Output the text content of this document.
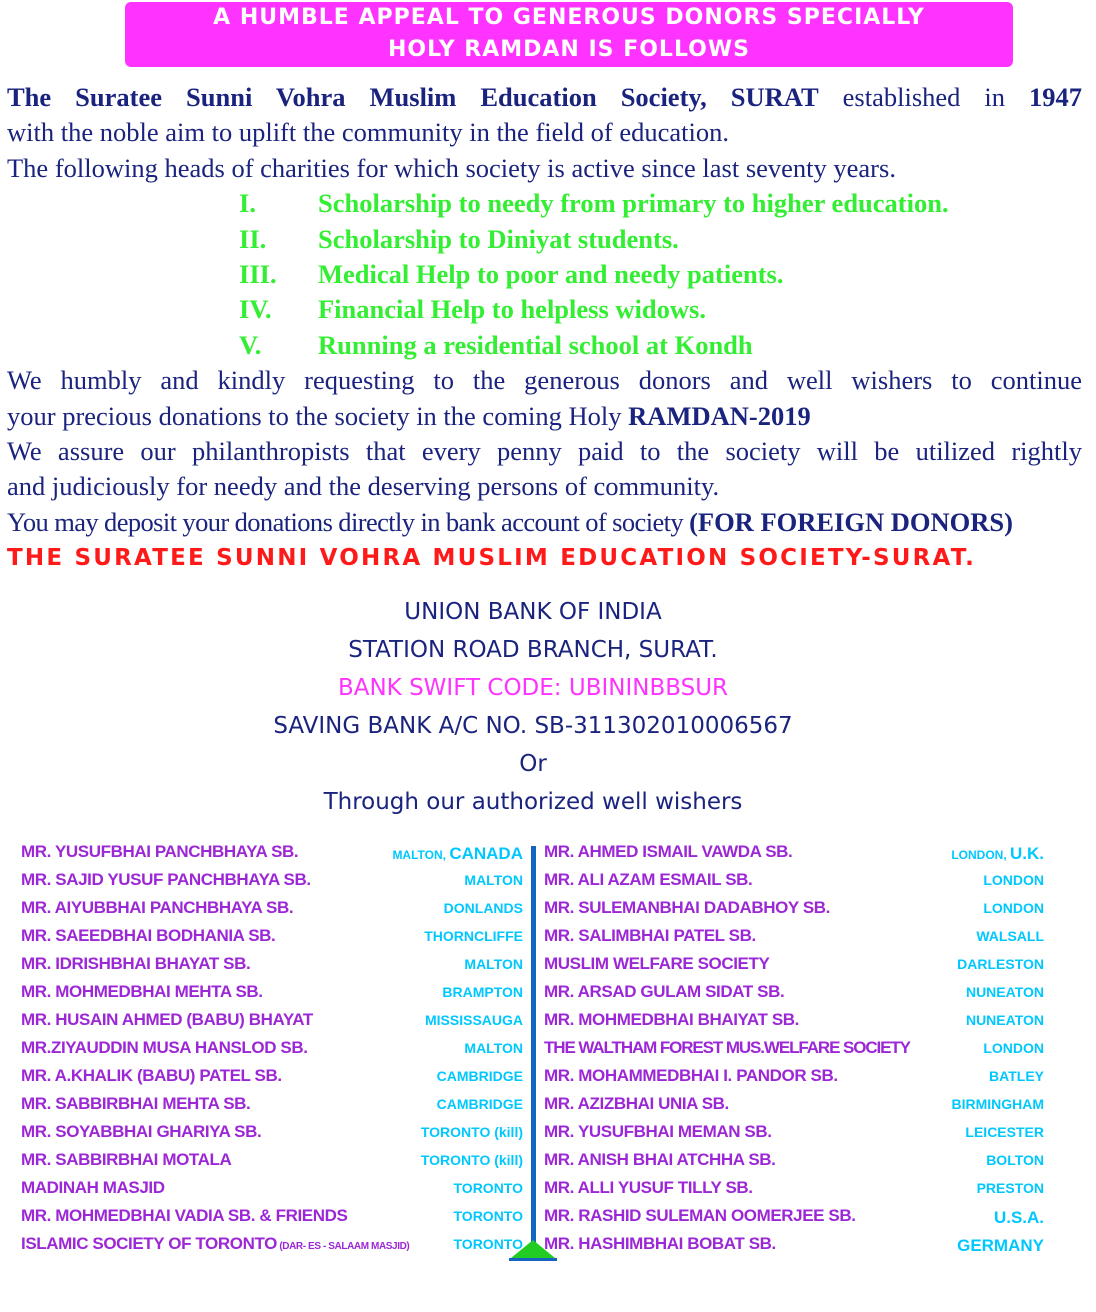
A HUMBLE APPEAL TO GENEROUS DONORS SPECIALLY
HOLY RAMDAN IS FOLLOWS

The Suratee Sunni Vohra Muslim Education Society, SURAT established in 1947

with the noble aim to uplift the community in the field of education.

The following heads of charities for which society is active since last seventy years.

I. Scholarship to needy from primary to higher education.
II. Scholarship to Diniyat students.
III. Medical Help to poor and needy patients.
IV. Financial Help to helpless widows.
V. Running a residential school at Kondh

We humbly and kindly requesting to the generous donors and well wishers to continue

your precious donations to the society in the coming Holy RAMDAN-2019

We assure our philanthropists that every penny paid to the society will be utilized rightly

and judiciously for needy and the deserving persons of community.

You may deposit your donations directly in bank account of society (FOR FOREIGN DONORS)

THE SURATEE SUNNI VOHRA MUSLIM EDUCATION SOCIETY-SURAT.

UNION BANK OF INDIA
STATION ROAD BRANCH, SURAT.
BANK SWIFT CODE: UBININBBSUR
SAVING BANK A/C NO. SB-311302010006567
Or
Through our authorized well wishers
MR. YUSUFBHAI PANCHBHAYA SB.	MALTON, CANADA
MR. SAJID YUSUF PANCHBHAYA SB.	MALTON
MR. AIYUBBHAI PANCHBHAYA SB.	DONLANDS
MR. SAEEDBHAI BODHANIA SB.	THORNCLIFFE
MR. IDRISHBHAI BHAYAT SB.	MALTON
MR. MOHMEDBHAI MEHTA SB.	BRAMPTON
MR. HUSAIN AHMED (BABU) BHAYAT	MISSISSAUGA
MR.ZIYAUDDIN MUSA HANSLOD SB.	MALTON
MR. A.KHALIK (BABU) PATEL SB.	CAMBRIDGE
MR. SABBIRBHAI MEHTA SB.	CAMBRIDGE
MR. SOYABBHAI GHARIYA SB.	TORONTO (kill)
MR. SABBIRBHAI MOTALA	TORONTO (kill)
MADINAH MASJID	TORONTO
MR. MOHMEDBHAI VADIA SB. & FRIENDS	TORONTO
ISLAMIC SOCIETY OF TORONTO (DAR- ES - SALAAM MASJID)	TORONTO
MR. AHMED ISMAIL VAWDA SB.	LONDON, U.K.
MR. ALI AZAM ESMAIL SB.	LONDON
MR. SULEMANBHAI DADABHOY SB.	LONDON
MR. SALIMBHAI PATEL SB.	WALSALL
MUSLIM WELFARE SOCIETY	DARLESTON
MR. ARSAD GULAM SIDAT SB.	NUNEATON
MR. MOHMEDBHAI BHAIYAT SB.	NUNEATON
THE WALTHAM FOREST MUS.WELFARE SOCIETY	LONDON
MR. MOHAMMEDBHAI I. PANDOR SB.	BATLEY
MR. AZIZBHAI UNIA SB.	BIRMINGHAM
MR. YUSUFBHAI MEMAN SB.	LEICESTER
MR. ANISH BHAI ATCHHA SB.	BOLTON
MR. ALLI YUSUF TILLY SB.	PRESTON
MR. RASHID SULEMAN OOMERJEE SB.	U.S.A.
MR. HASHIMBHAI BOBAT SB.	GERMANY
